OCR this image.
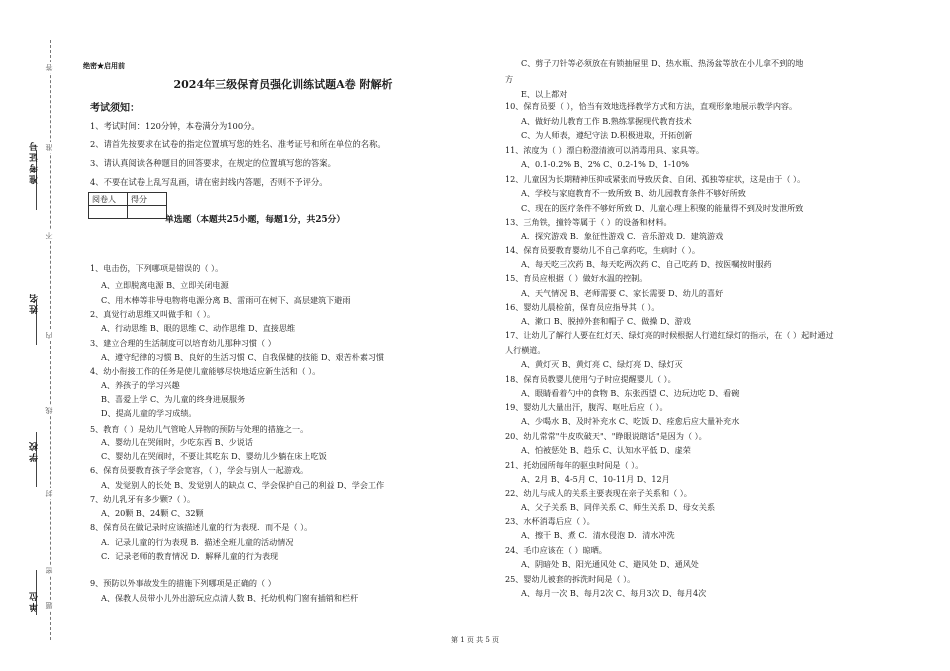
准考证号
姓名
学校
单位
答
准
不
内
线
封
密
题
绝密★启用前
2024年三级保育员强化训练试题A卷 附解析
考试须知：
1、考试时间：120分钟，本卷满分为100分。
2、请首先按要求在试卷的指定位置填写您的姓名、准考证号和所在单位的名称。
3、请认真阅读各种题目的回答要求，在规定的位置填写您的答案。
4、不要在试卷上乱写乱画，请在密封线内答题，否则不予评分。
阅卷人	得分

单选题（本题共25小题，每题1分，共25分）
1、电击伤，下列哪项是错误的（ ）。
A、立即脱离电源 B、立即关闭电源
C、用木棒等非导电物将电源分离 B、雷雨可在树下、高层建筑下避雨
2、真觉行动思维又叫做手和（ ）。
A、行动思维 B、眼的思维 C、动作思维 D、直接思维
3、建立合理的生活制度可以培育幼儿那种习惯（ ）
A、遵守纪律的习惯 B、良好的生活习惯 C、自我保健的技能 D、艰苦朴素习惯
4、幼小衔接工作的任务是使儿童能够尽快地适应新生活和（ ）。
A、养孩子的学习兴趣
B、喜爱上学 C、为儿童的终身进展服务
D、提高儿童的学习成绩。
5、教育（ ）是幼儿气管呛人异物的预防与处理的措施之一。
A、婴幼儿在哭闹时，少吃东西 B、少说话
C、婴幼儿在哭闹时，不要让其吃东 D、婴幼儿少躺在床上吃饭
6、保育员要教育孩子学会宽容，（ ），学会与别人一起游戏。
A、发觉别人的长处 B、发觉别人的缺点 C、学会保护自己的利益 D、学会工作
7、幼儿乳牙有多少颗?（ ）。
A、20颗 B、24颗 C、32颗
8、保育员在做记录时应该描述儿童的行为表现．而不是（ ）。
A．记录儿童的行为表现 B．描述全班儿童的活动情况
C．记录老师的教育情况 D．解释儿童的行为表现
9、预防以外事故发生的措施下列哪项是正确的（ ）
A、保教人员带小儿外出游玩应点清人数 B、托幼机构门窗有插销和栏杆
C、剪子刀针等必须放在有锁抽屉里 D、热水瓶、热汤盆等放在小儿拿不到的地
方
E、以上都对
10、保育员要（ ），恰当有效地选择教学方式和方法，直观形象地展示教学内容。
A、做好幼儿教育工作 B.熟练掌握现代教育技术
C、为人师表，遵纪守法 D.积极进取，开拓创新
11、浓度为（ ）漂白粉澄清液可以消毒用具、家具等。
A、0.1-0.2% B、2% C、0.2-1% D、1-10%
12、儿童因为长期精神压抑或紧张而导致厌食、自闭、孤独等症状，这是由于（ ）。
A、学校与家庭教育不一致所致 B、幼儿园教育条件不够好所致
C、现在的医疗条件不够好所致 D、儿童心理上积聚的能量得不到及时发泄所致
13、三角铁，撞铃等属于（ ）的设备和材料。
A．探究游戏 B．象征性游戏 C．音乐游戏 D．建筑游戏
14、保育员要教育婴幼儿不自己拿药吃，生病时（ ）。
A、每天吃三次药 B、每天吃两次药 C、自己吃药 D、按医嘱按时服药
15、育员应根据（ ）做好水温的控制。
A、天气情况 B、老师需要 C、家长需要 D、幼儿的喜好
16、婴幼儿晨检前，保育员应指导其（ ）。
A、漱口 B、脱掉外套和帽子 C、做操 D、游戏
17、让幼儿了解行人要在红灯天、绿灯亮的时候根据人行道红绿灯的指示，在（ ）起时通过
人行横道。
A、黄灯灭 B、黄灯亮 C、绿灯亮 D、绿灯灭
18、保育员教婴儿使用勺子时应提醒婴儿（ ）。
A、眼睛看着勺中的食物 B、东张西望 C、边玩边吃 D、看碗
19、婴幼儿大量出汗，腹泻、呕吐后应（ ）。
A、少喝水 B、及时补充水 C、吃饭 D、痊愈后应大量补充水
20、幼儿常常"牛皮吹破天"、"睁眼说瞎话"是因为（ ）。
A、怕被惩处 B、趋乐 C、认知水平低 D、虚荣
21、托幼园所每年的驱虫时间是（ ）。
A、2月 B、4-5月 C、10-11月 D、12月
22、幼儿与成人的关系主要表现在亲子关系和（ ）。
A、父子关系 B、同伴关系 C、师生关系 D、母女关系
23、水杯消毒后应（ ）。
A、擦干 B、煮 C．清水侵泡 D．清水冲洗
24、毛巾应该在（ ）晾晒。
A、阴暗处 B、阳光通风处 C、避风处 D、通风处
25、婴幼儿被套的拆洗时间是（ ）。
A、每月一次 B、每月2次 C、每月3次 D、每月4次
第 1 页 共 5 页
